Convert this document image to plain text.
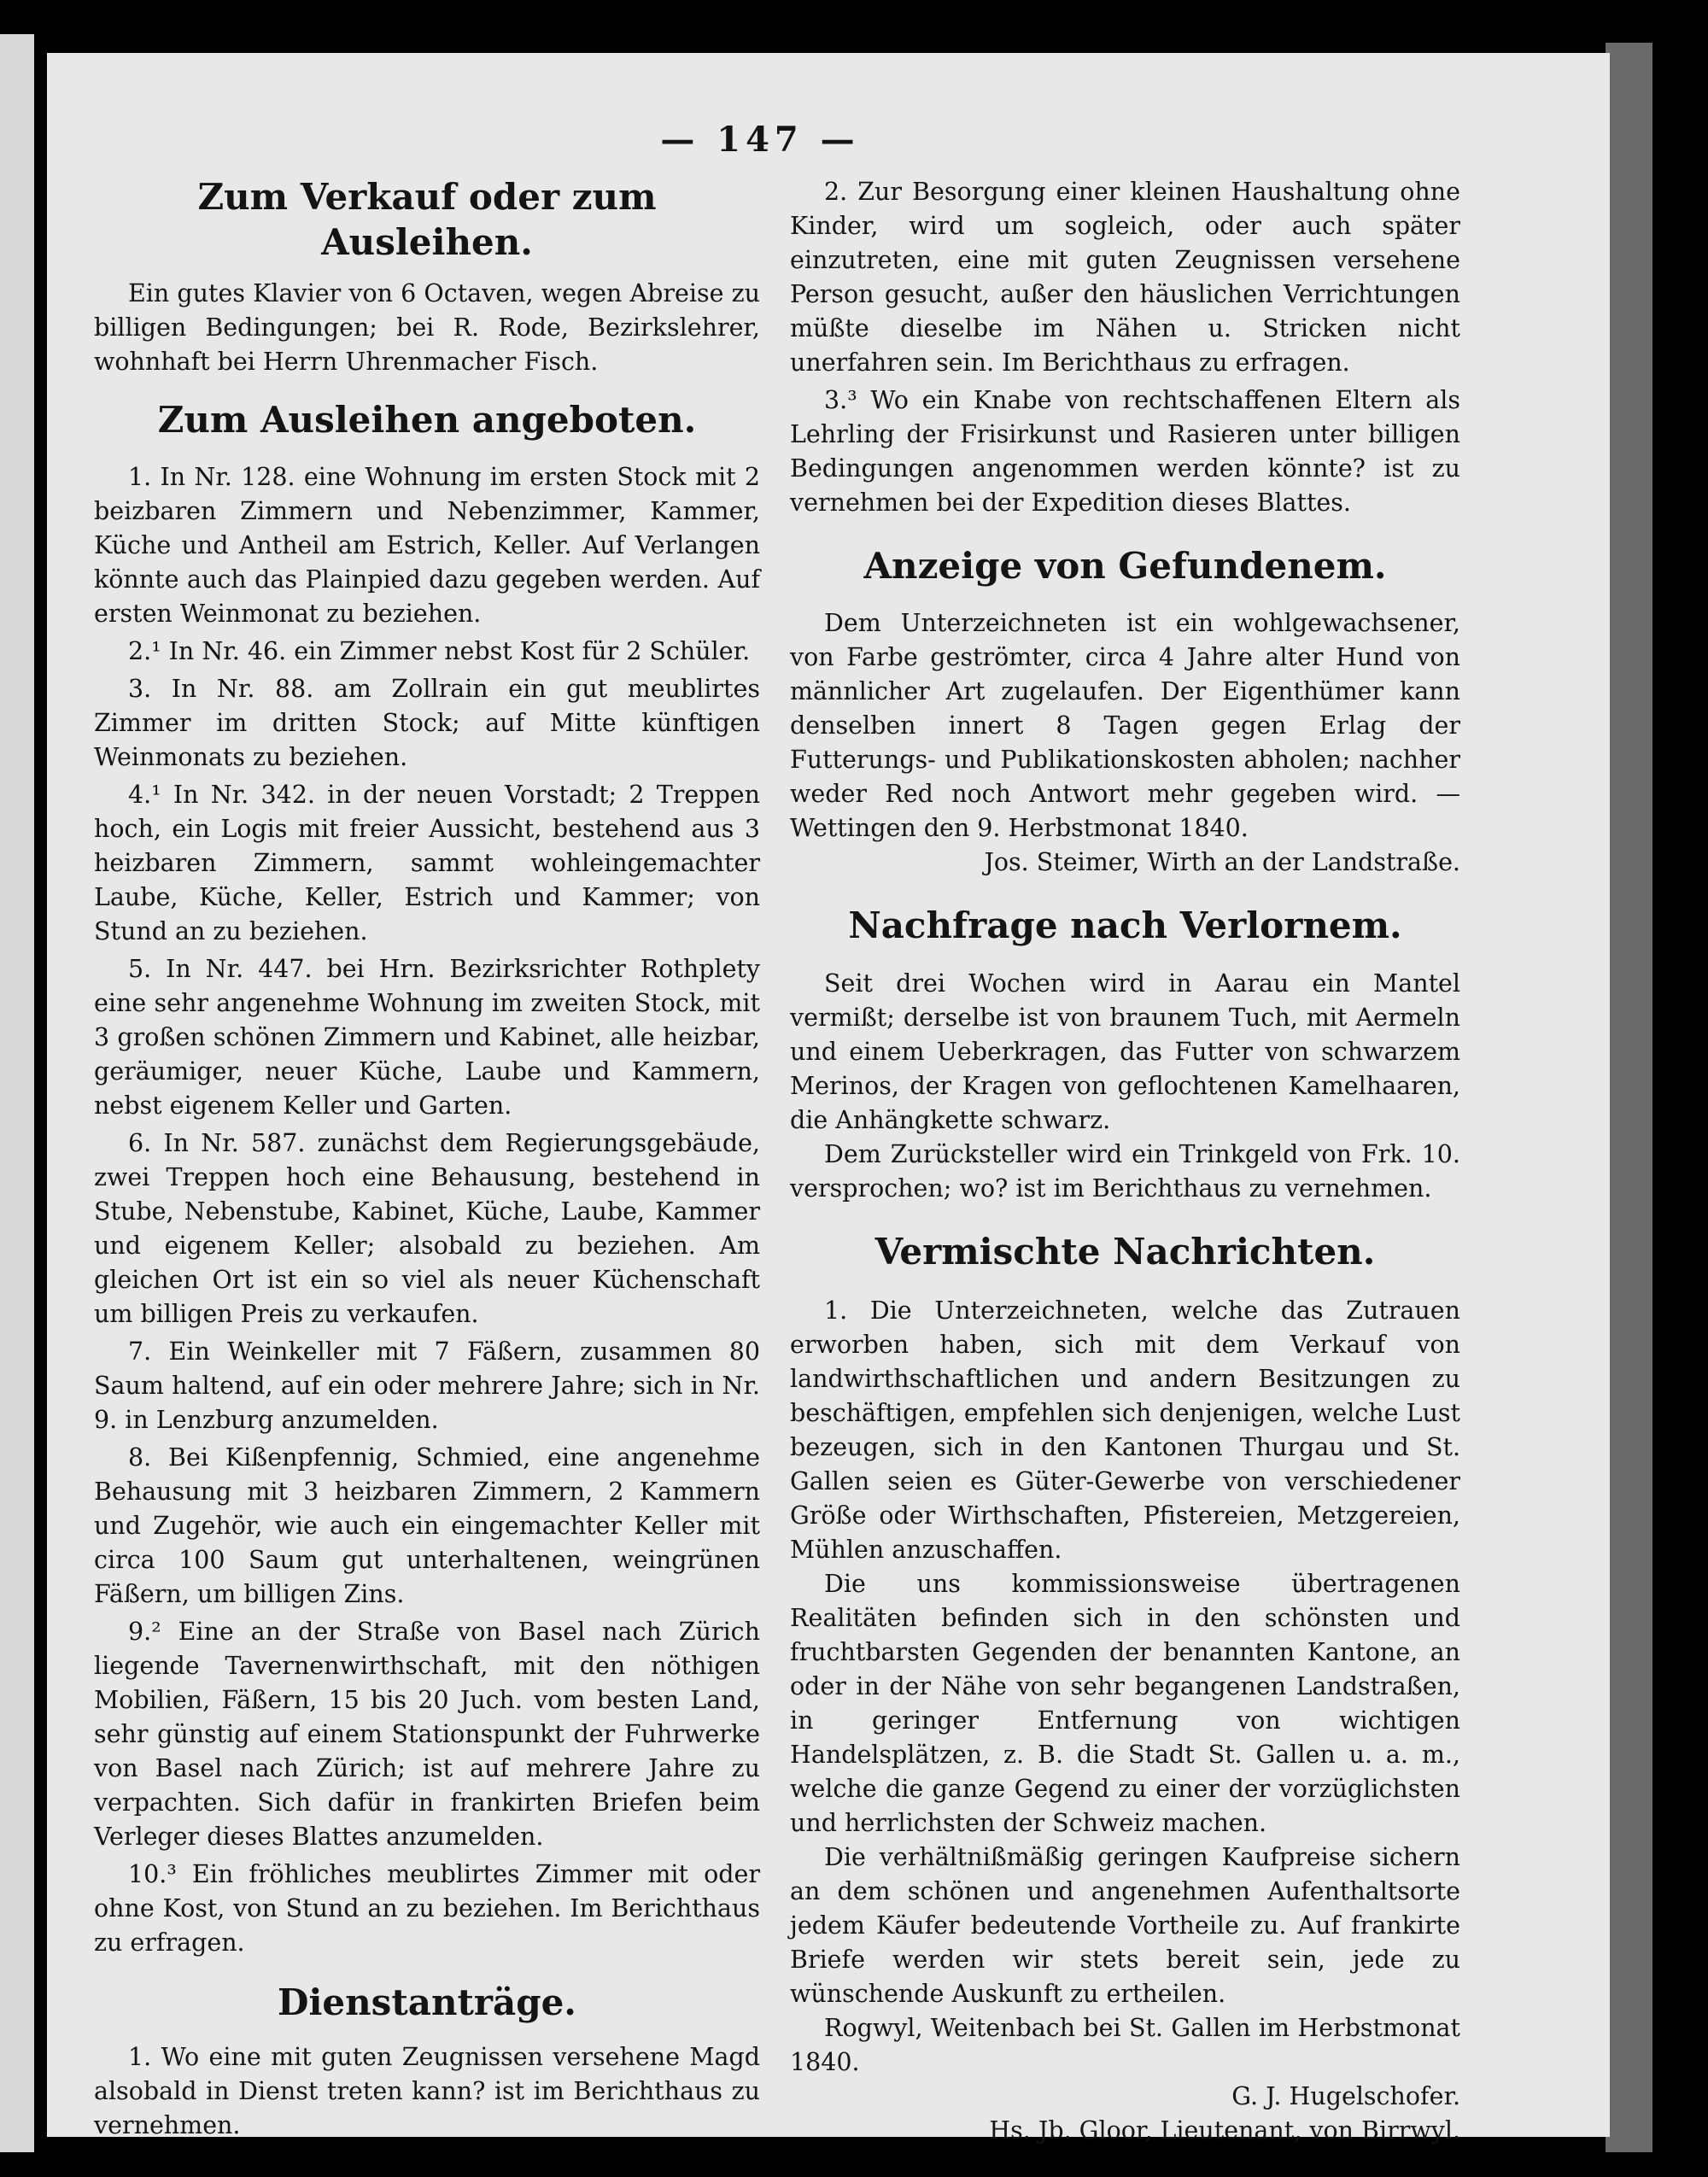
— 147 —
Zum Verkauf oder zum Ausleihen.

Ein gutes Klavier von 6 Octaven, wegen Abreise zu billigen Bedingungen; bei R. Rode, Bezirkslehrer, wohnhaft bei Herrn Uhrenmacher Fisch.

Zum Ausleihen angeboten.

1. In Nr. 128. eine Wohnung im ersten Stock mit 2 beizbaren Zimmern und Nebenzimmer, Kammer, Küche und Antheil am Estrich, Keller. Auf Verlangen könnte auch das Plainpied dazu gegeben werden. Auf ersten Weinmonat zu beziehen.

2.¹ In Nr. 46. ein Zimmer nebst Kost für 2 Schüler.

3. In Nr. 88. am Zollrain ein gut meublirtes Zimmer im dritten Stock; auf Mitte künftigen Weinmonats zu beziehen.

4.¹ In Nr. 342. in der neuen Vorstadt; 2 Treppen hoch, ein Logis mit freier Aussicht, bestehend aus 3 heizbaren Zimmern, sammt wohleingemachter Laube, Küche, Keller, Estrich und Kammer; von Stund an zu beziehen.

5. In Nr. 447. bei Hrn. Bezirksrichter Rothplety eine sehr angenehme Wohnung im zweiten Stock, mit 3 großen schönen Zimmern und Kabinet, alle heizbar, geräumiger, neuer Küche, Laube und Kammern, nebst eigenem Keller und Garten.

6. In Nr. 587. zunächst dem Regierungsgebäude, zwei Treppen hoch eine Behausung, bestehend in Stube, Nebenstube, Kabinet, Küche, Laube, Kammer und eigenem Keller; alsobald zu beziehen. Am gleichen Ort ist ein so viel als neuer Küchenschaft um billigen Preis zu verkaufen.

7. Ein Weinkeller mit 7 Fäßern, zusammen 80 Saum haltend, auf ein oder mehrere Jahre; sich in Nr. 9. in Lenzburg anzumelden.

8. Bei Kißenpfennig, Schmied, eine angenehme Behausung mit 3 heizbaren Zimmern, 2 Kammern und Zugehör, wie auch ein eingemachter Keller mit circa 100 Saum gut unterhaltenen, weingrünen Fäßern, um billigen Zins.

9.² Eine an der Straße von Basel nach Zürich liegende Tavernenwirthschaft, mit den nöthigen Mobilien, Fäßern, 15 bis 20 Juch. vom besten Land, sehr günstig auf einem Stationspunkt der Fuhrwerke von Basel nach Zürich; ist auf mehrere Jahre zu verpachten. Sich dafür in frankirten Briefen beim Verleger dieses Blattes anzumelden.

10.³ Ein fröhliches meublirtes Zimmer mit oder ohne Kost, von Stund an zu beziehen. Im Berichthaus zu erfragen.

Dienstanträge.

1. Wo eine mit guten Zeugnissen versehene Magd alsobald in Dienst treten kann? ist im Berichthaus zu vernehmen.

2. Zur Besorgung einer kleinen Haushaltung ohne Kinder, wird um sogleich, oder auch später einzutreten, eine mit guten Zeugnissen versehene Person gesucht, außer den häuslichen Verrichtungen müßte dieselbe im Nähen u. Stricken nicht unerfahren sein. Im Berichthaus zu erfragen.

3.³ Wo ein Knabe von rechtschaffenen Eltern als Lehrling der Frisirkunst und Rasieren unter billigen Bedingungen angenommen werden könnte? ist zu vernehmen bei der Expedition dieses Blattes.

Anzeige von Gefundenem.

Dem Unterzeichneten ist ein wohlgewachsener, von Farbe geströmter, circa 4 Jahre alter Hund von männlicher Art zugelaufen. Der Eigenthümer kann denselben innert 8 Tagen gegen Erlag der Futterungs- und Publikationskosten abholen; nachher weder Red noch Antwort mehr gegeben wird. — Wettingen den 9. Herbstmonat 1840.

Jos. Steimer, Wirth an der Landstraße.

Nachfrage nach Verlornem.

Seit drei Wochen wird in Aarau ein Mantel vermißt; derselbe ist von braunem Tuch, mit Aermeln und einem Ueberkragen, das Futter von schwarzem Merinos, der Kragen von geflochtenen Kamelhaaren, die Anhängkette schwarz.

Dem Zurücksteller wird ein Trinkgeld von Frk. 10. versprochen; wo? ist im Berichthaus zu vernehmen.

Vermischte Nachrichten.

1. Die Unterzeichneten, welche das Zutrauen erworben haben, sich mit dem Verkauf von landwirthschaftlichen und andern Besitzungen zu beschäftigen, empfehlen sich denjenigen, welche Lust bezeugen, sich in den Kantonen Thurgau und St. Gallen seien es Güter-Gewerbe von verschiedener Größe oder Wirthschaften, Pfistereien, Metzgereien, Mühlen anzuschaffen.

Die uns kommissionsweise übertragenen Realitäten befinden sich in den schönsten und fruchtbarsten Gegenden der benannten Kantone, an oder in der Nähe von sehr begangenen Landstraßen, in geringer Entfernung von wichtigen Handelsplätzen, z. B. die Stadt St. Gallen u. a. m., welche die ganze Gegend zu einer der vorzüglichsten und herrlichsten der Schweiz machen.

Die verhältnißmäßig geringen Kaufpreise sichern an dem schönen und angenehmen Aufenthaltsorte jedem Käufer bedeutende Vortheile zu. Auf frankirte Briefe werden wir stets bereit sein, jede zu wünschende Auskunft zu ertheilen.

Rogwyl, Weitenbach bei St. Gallen im Herbstmonat 1840.

G. J. Hugelschofer.

Hs. Jb. Gloor, Lieutenant, von Birrwyl.
